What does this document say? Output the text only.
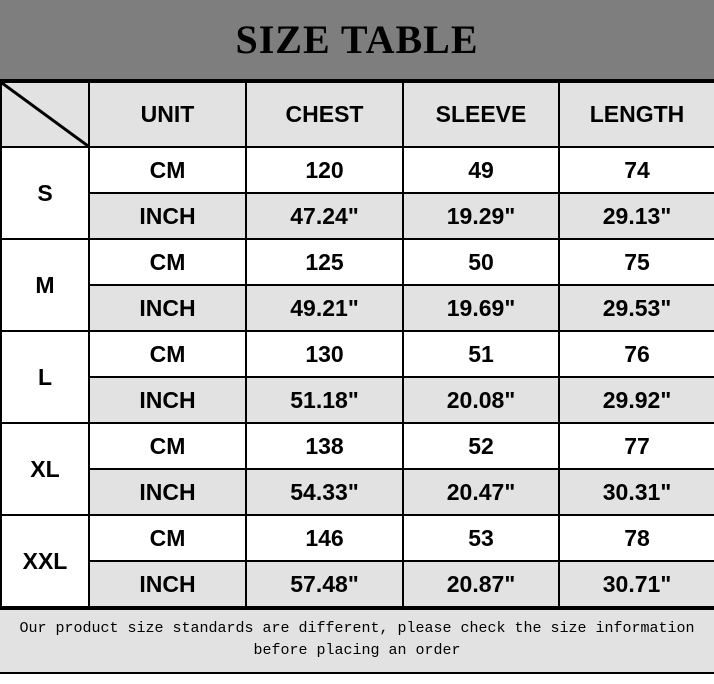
SIZE TABLE
	UNIT	CHEST	SLEEVE	LENGTH
S	CM	120	49	74
	INCH	47.24"	19.29"	29.13"
M	CM	125	50	75
	INCH	49.21"	19.69"	29.53"
L	CM	130	51	76
	INCH	51.18"	20.08"	29.92"
XL	CM	138	52	77
	INCH	54.33"	20.47"	30.31"
XXL	CM	146	53	78
	INCH	57.48"	20.87"	30.71"
Our product size standards are different, please check the size information
before placing an order
